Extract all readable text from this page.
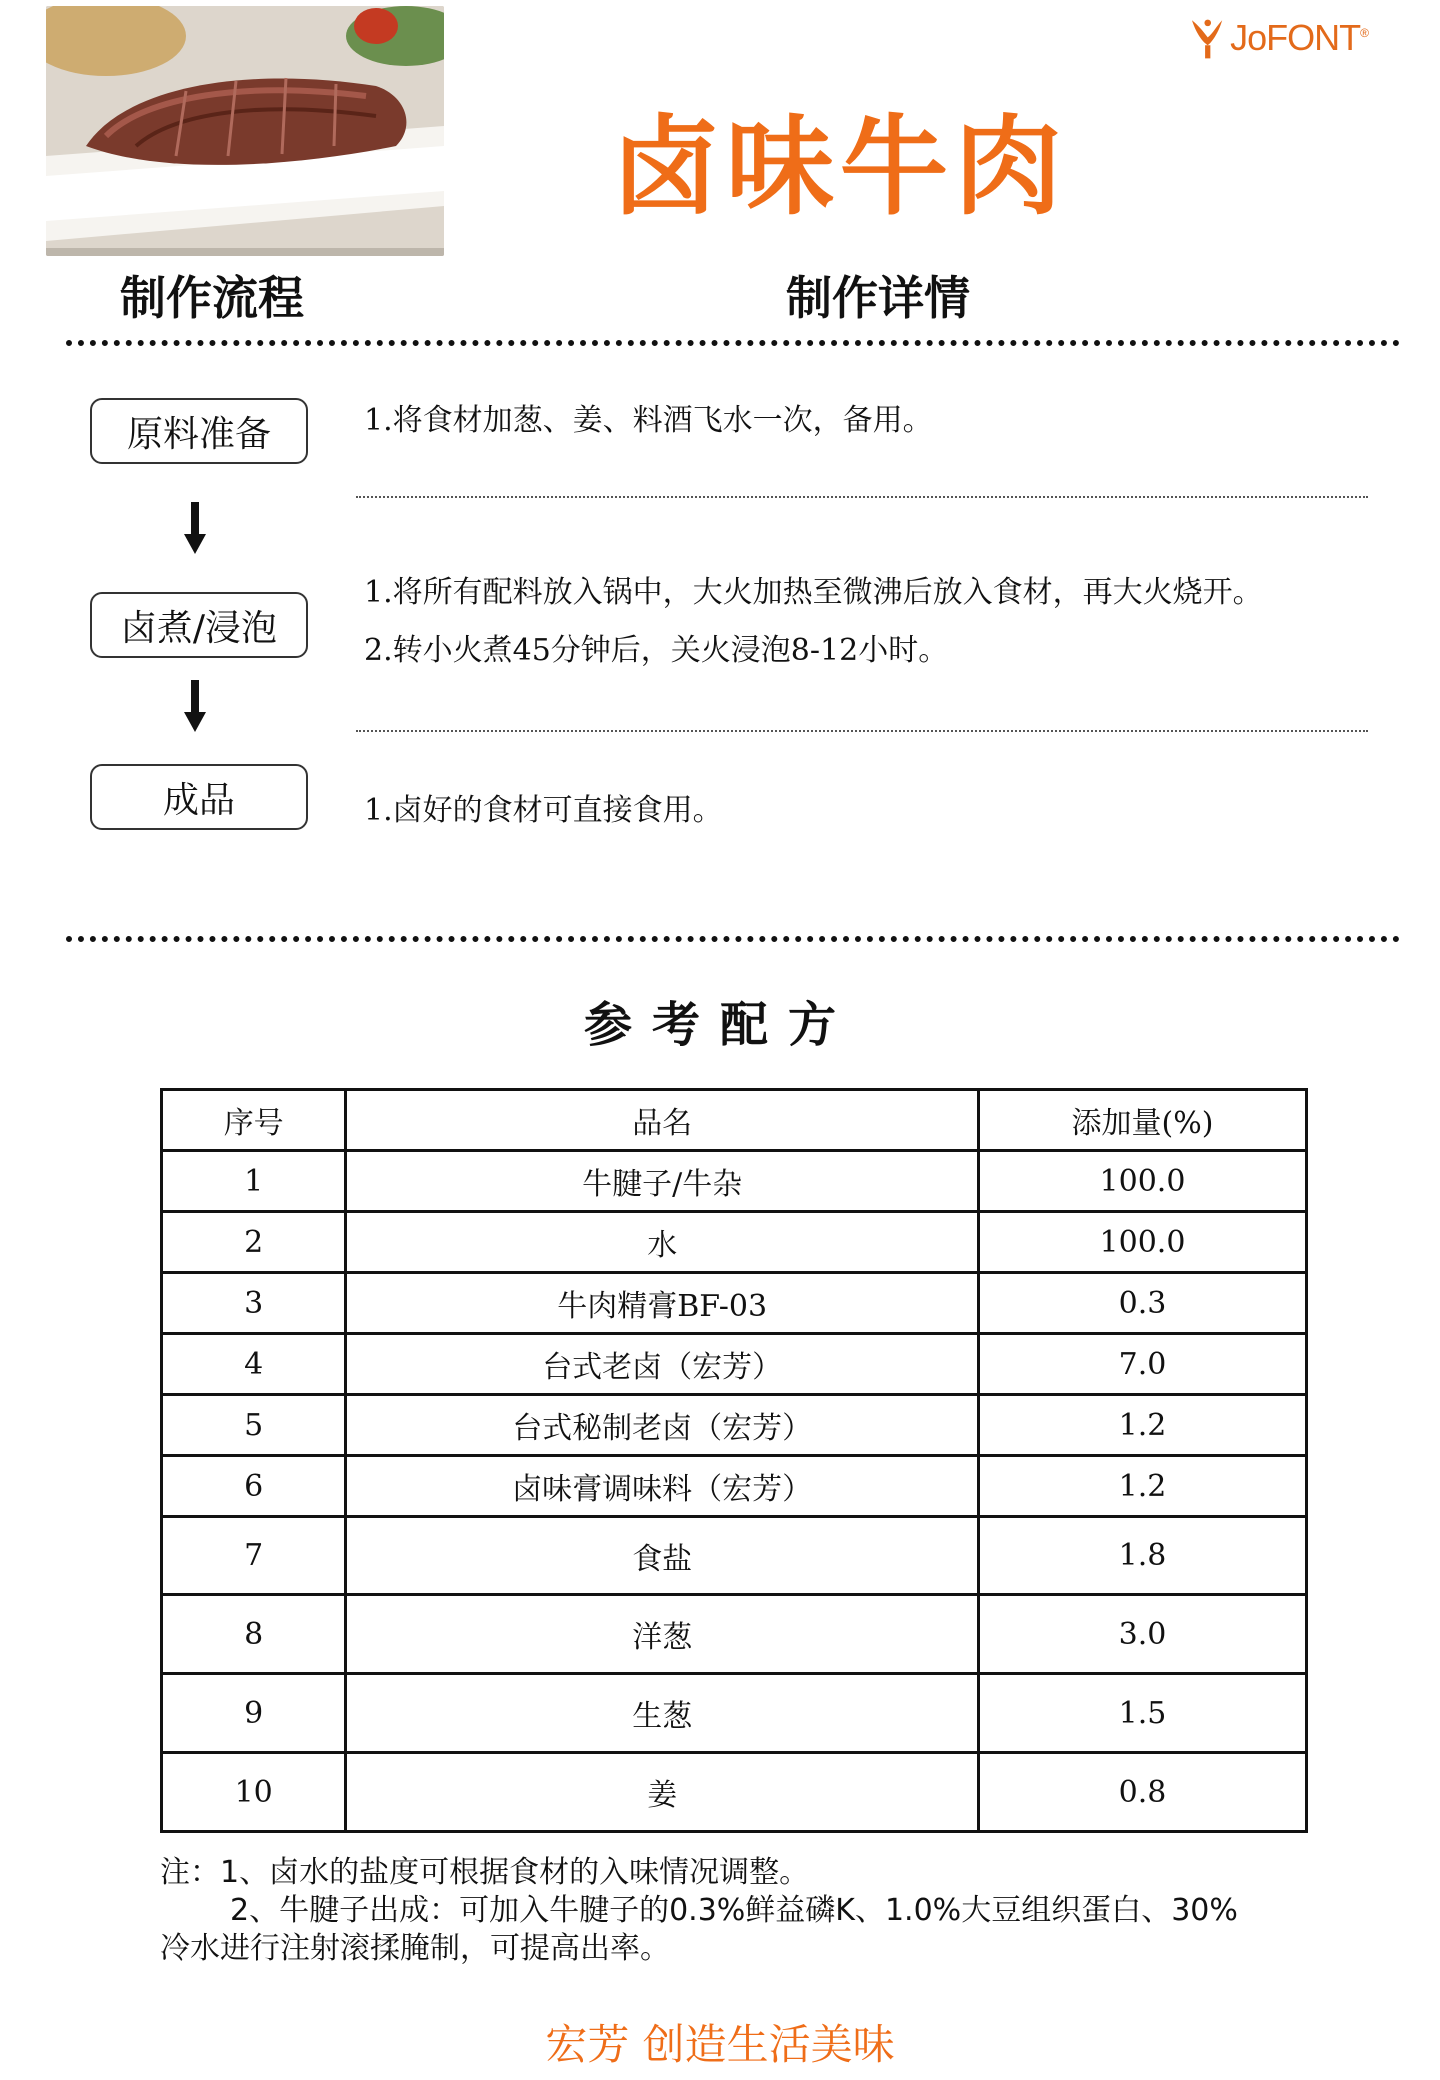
JoFONT®
卤味牛肉
制作流程	制作详情
原料准备	1.将食材加葱、姜、料酒飞水一次，备用。
卤煮/浸泡
1.将所有配料放入锅中，大火加热至微沸后放入食材，再大火烧开。
2.转小火煮45分钟后，关火浸泡8-12小时。
成品	1.卤好的食材可直接食用。
参考配方
序号	品名	添加量(%)
1	牛腱子/牛杂	100.0
2	水	100.0
3	牛肉精膏BF-03	0.3
4	台式老卤（宏芳）	7.0
5	台式秘制老卤（宏芳）	1.2
6	卤味膏调味料（宏芳）	1.2
7	食盐	1.8
8	洋葱	3.0
9	生葱	1.5
10	姜	0.8
注：1、卤水的盐度可根据食材的入味情况调整。
2、牛腱子出成：可加入牛腱子的0.3%鲜益磷K、1.0%大豆组织蛋白、30%
冷水进行注射滚揉腌制，可提高出率。
宏芳 创造生活美味
